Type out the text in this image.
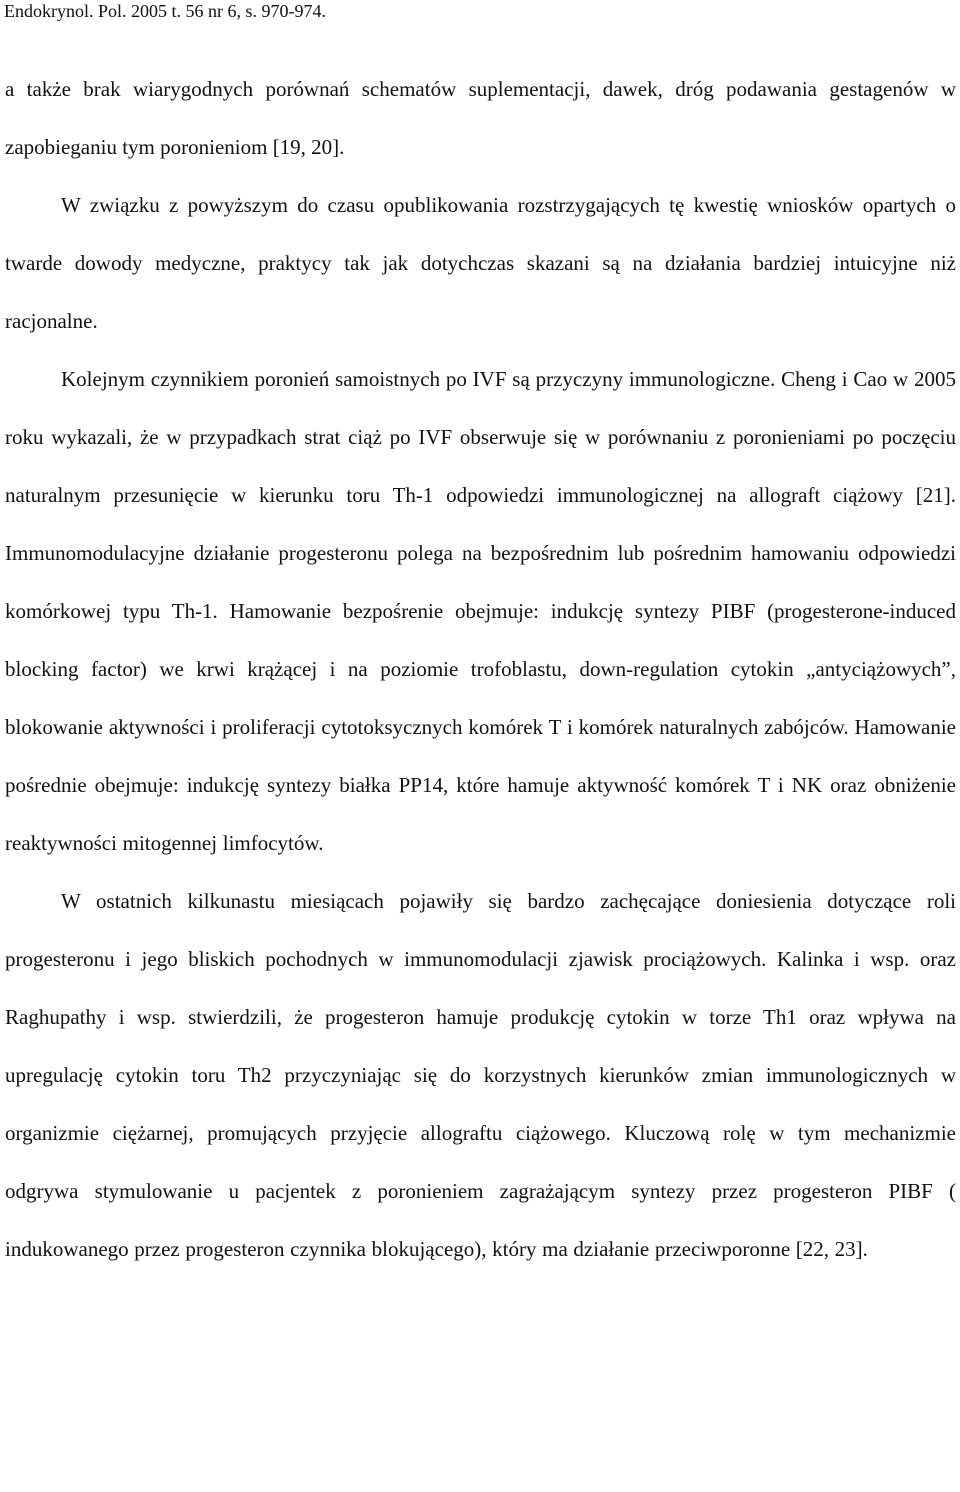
Endokrynol. Pol. 2005 t. 56 nr 6, s. 970-974.

a także brak wiarygodnych porównań schematów suplementacji, dawek, dróg podawania gestagenów w zapobieganiu tym poronieniom [19, 20].

W związku z powyższym do czasu opublikowania rozstrzygających tę kwestię wniosków opartych o twarde dowody medyczne, praktycy tak jak dotychczas skazani są na działania bardziej intuicyjne niż racjonalne.

Kolejnym czynnikiem poronień samoistnych po IVF są przyczyny immunologiczne. Cheng i Cao w 2005 roku wykazali, że w przypadkach strat ciąż po IVF obserwuje się w porównaniu z poronieniami po poczęciu naturalnym przesunięcie w kierunku toru Th-1 odpowiedzi immunologicznej na allograft ciążowy [21]. Immunomodulacyjne działanie progesteronu polega na bezpośrednim lub pośrednim hamowaniu odpowiedzi komórkowej typu Th-1. Hamowanie bezpośrenie obejmuje: indukcję syntezy PIBF (progesterone-induced blocking factor) we krwi krążącej i na poziomie trofoblastu, down-regulation cytokin „antyciążowych”, blokowanie aktywności i proliferacji cytotoksycznych komórek T i komórek naturalnych zabójców. Hamowanie pośrednie obejmuje: indukcję syntezy białka PP14, które hamuje aktywność komórek T i NK oraz obniżenie reaktywności mitogennej limfocytów.

W ostatnich kilkunastu miesiącach pojawiły się bardzo zachęcające doniesienia dotyczące roli progesteronu i jego bliskich pochodnych w immunomodulacji zjawisk prociążowych. Kalinka i wsp. oraz Raghupathy i wsp. stwierdzili, że progesteron hamuje produkcję cytokin w torze Th1 oraz wpływa na upregulację cytokin toru Th2 przyczyniając się do korzystnych kierunków zmian immunologicznych w organizmie ciężarnej, promujących przyjęcie allograftu ciążowego. Kluczową rolę w tym mechanizmie odgrywa stymulowanie u pacjentek z poronieniem zagrażającym syntezy przez progesteron PIBF ( indukowanego przez progesteron czynnika blokującego), który ma działanie przeciwporonne [22, 23].
